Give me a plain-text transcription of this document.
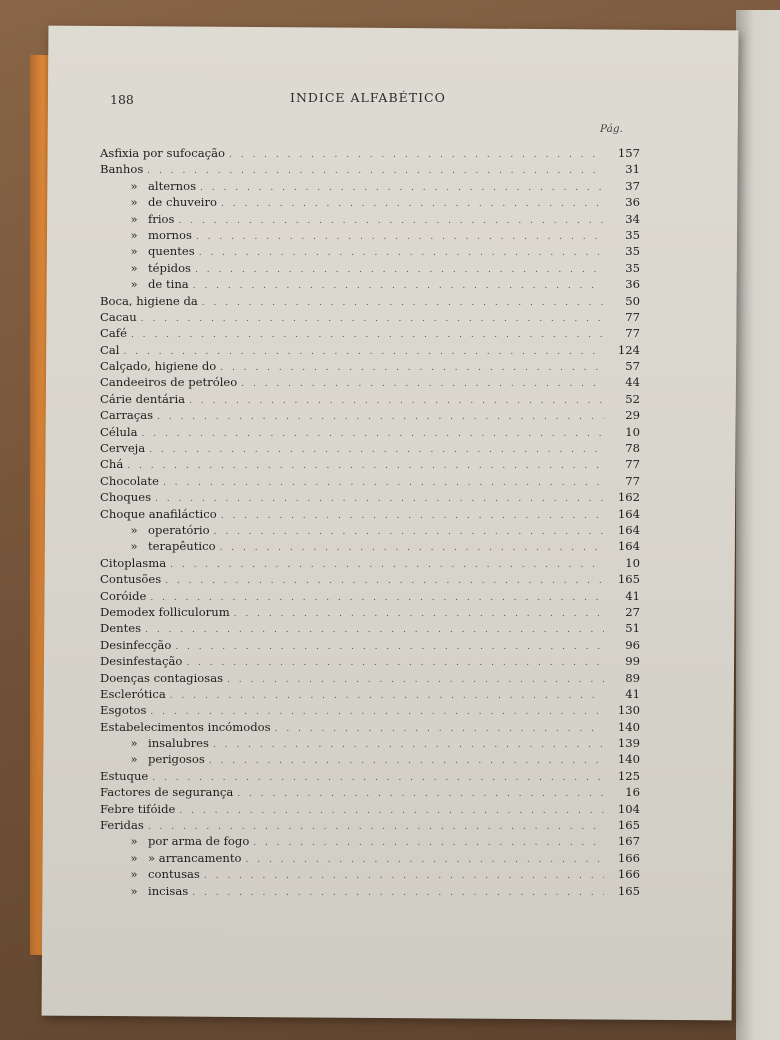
188	INDICE ALFABÉTICO
Pág.
Asfixia por sufocação . . .	157
Banhos . . .	31
» alternos . . .	37
» de chuveiro . . .	36
» frios . . .	34
» mornos . . .	35
» quentes . . .	35
» tépidos . . .	35
» de tina . . .	36
Boca, higiene da . . .	50
Cacau . . .	77
Café . . .	77
Cal . . .	124
Calçado, higiene do . . .	57
Candeeiros de petróleo . . .	44
Cárie dentária . . .	52
Carraças . . .	29
Célula . . .	10
Cerveja . . .	78
Chá . . .	77
Chocolate . . .	77
Choques . . .	162
Choque anafiláctico . . .	164
» operatório . . .	164
» terapêutico . . .	164
Citoplasma . . .	10
Contusões . . .	165
Coróide . . .	41
Demodex folliculorum . . .	27
Dentes . . .	51
Desinfecção . . .	96
Desinfestação . . .	99
Doenças contagiosas . . .	89
Esclerótica . . .	41
Esgotos . . .	130
Estabelecimentos incómodos . . .	140
» insalubres . . .	139
» perigosos . . .	140
Estuque . . .	125
Factores de segurança . . .	16
Febre tifóide . . .	104
Feridas . . .	165
» por arma de fogo . . .	167
» » arrancamento . . .	166
» contusas . . .	166
» incisas . . .	165
